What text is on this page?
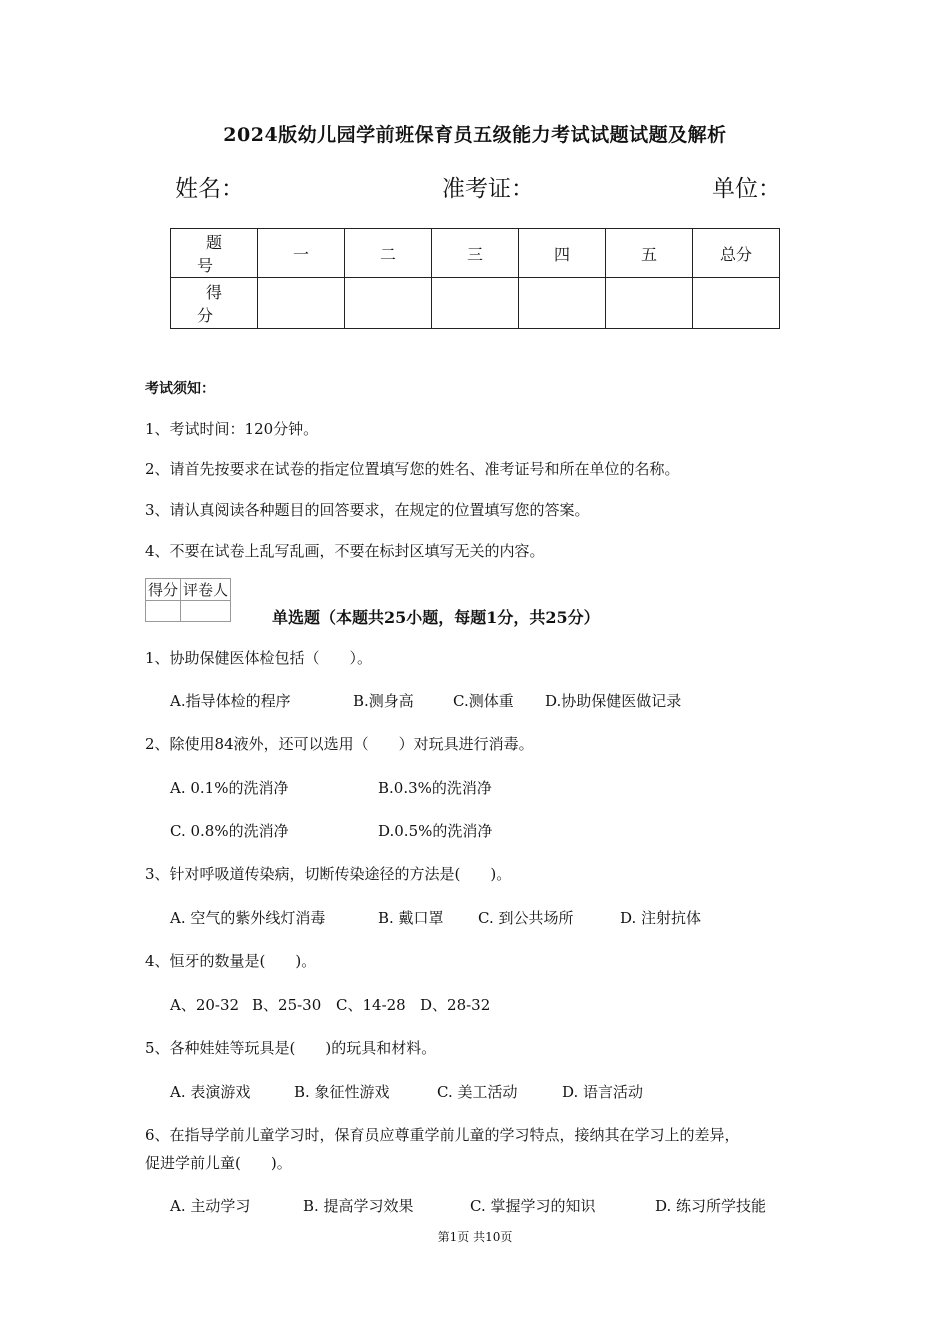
2024版幼儿园学前班保育员五级能力考试试题试题及解析
姓名：	准考证：	单位：
题　号	一	二	三	四	五	总分
得　分						
考试须知：
1、考试时间：120分钟。
2、请首先按要求在试卷的指定位置填写您的姓名、准考证号和所在单位的名称。
3、请认真阅读各种题目的回答要求，在规定的位置填写您的答案。
4、不要在试卷上乱写乱画，不要在标封区填写无关的内容。
得分	评卷人

单选题（本题共25小题，每题1分，共25分）
1、协助保健医体检包括（　　）。
A.指导体检的程序	B.测身高	C.测体重 D.协助保健医做记录
2、除使用84液外，还可以选用（　　）对玩具进行消毒。
A. 0.1%的洗消净	B.0.3%的洗消净
C. 0.8%的洗消净	D.0.5%的洗消净
3、针对呼吸道传染病，切断传染途径的方法是(　　)。
A. 空气的紫外线灯消毒	B. 戴口罩 C. 到公共场所	D. 注射抗体
4、恒牙的数量是(　　)。
A、20-32 B、25-30 C、14-28 D、28-32
5、各种娃娃等玩具是(　　)的玩具和材料。
A. 表演游戏	B. 象征性游戏	C. 美工活动	D. 语言活动
6、在指导学前儿童学习时，保育员应尊重学前儿童的学习特点，接纳其在学习上的差异，
促进学前儿童(　　)。
A. 主动学习	B. 提高学习效果	C. 掌握学习的知识	D. 练习所学技能
第1页 共10页
